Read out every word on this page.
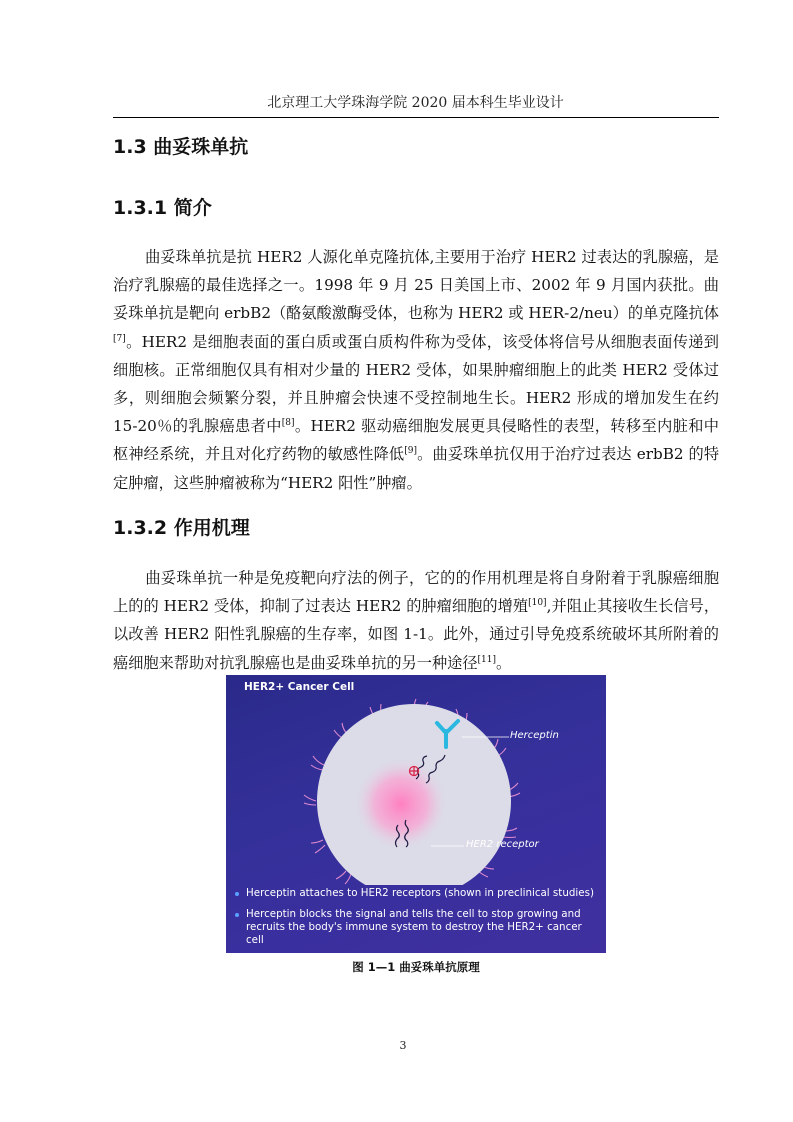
北京理工大学珠海学院 2020 届本科生毕业设计
1.3 曲妥珠单抗
1.3.1 简介
曲妥珠单抗是抗 HER2 人源化单克隆抗体,主要用于治疗 HER2 过表达的乳腺癌，是治疗乳腺癌的最佳选择之一。1998 年 9 月 25 日美国上市、2002 年 9 月国内获批。曲妥珠单抗是靶向 erbB2（酪氨酸激酶受体，也称为 HER2 或 HER-2/neu）的单克隆抗体[7]。HER2 是细胞表面的蛋白质或蛋白质构件称为受体，该受体将信号从细胞表面传递到细胞核。正常细胞仅具有相对少量的 HER2 受体，如果肿瘤细胞上的此类 HER2 受体过多，则细胞会频繁分裂，并且肿瘤会快速不受控制地生长。HER2 形成的增加发生在约 15-20％的乳腺癌患者中[8]。HER2 驱动癌细胞发展更具侵略性的表型，转移至内脏和中枢神经系统，并且对化疗药物的敏感性降低[9]。曲妥珠单抗仅用于治疗过表达 erbB2 的特定肿瘤，这些肿瘤被称为“HER2 阳性”肿瘤。
1.3.2 作用机理
曲妥珠单抗一种是免疫靶向疗法的例子，它的的作用机理是将自身附着于乳腺癌细胞上的的 HER2 受体，抑制了过表达 HER2 的肿瘤细胞的增殖[10],并阻止其接收生长信号，以改善 HER2 阳性乳腺癌的生存率，如图 1-1。此外，通过引导免疫系统破坏其所附着的癌细胞来帮助对抗乳腺癌也是曲妥珠单抗的另一种途径[11]。
HER2+ Cancer Cell
Herceptin
HER2 receptor
Herceptin attaches to HER2 receptors (shown in preclinical studies)
Herceptin blocks the signal and tells the cell to stop growing and recruits the body's immune system to destroy the HER2+ cancer cell
图 1—1 曲妥珠单抗原理
3
